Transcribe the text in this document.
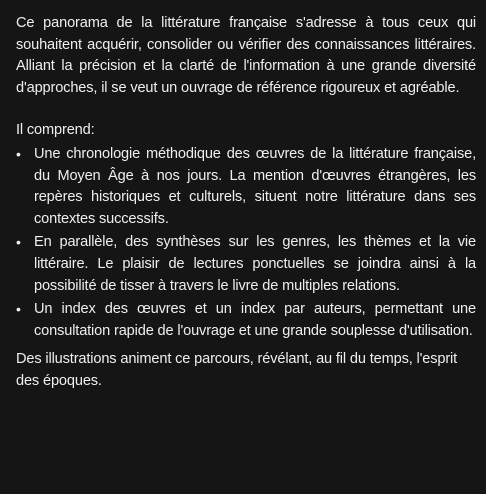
Ce panorama de la littérature française s'adresse à tous ceux qui souhaitent acquérir, consolider ou vérifier des connaissances littéraires. Alliant la précision et la clarté de l'information à une grande diversité d'approches, il se veut un ouvrage de référence rigoureux et agréable.

Il comprend:

• Une chronologie méthodique des œuvres de la littérature française, du Moyen Âge à nos jours. La mention d'œuvres étrangères, les repères historiques et culturels, situent notre littérature dans ses contextes successifs.
• En parallèle, des synthèses sur les genres, les thèmes et la vie littéraire. Le plaisir de lectures ponctuelles se joindra ainsi à la possibilité de tisser à travers le livre de multiples relations.
• Un index des œuvres et un index par auteurs, permettant une consultation rapide de l'ouvrage et une grande souplesse d'utilisation.

Des illustrations animent ce parcours, révélant, au fil du temps, l'esprit des époques.
